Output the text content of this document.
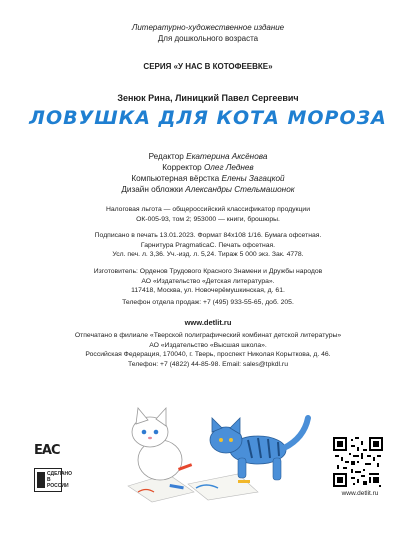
Литературно-художественное издание
Для дошкольного возраста
СЕРИЯ «У НАС В КОТОФЕЕВКЕ»
Зенюк Рина, Линицкий Павел Сергеевич
ЛОВУШКА ДЛЯ КОТА МОРОЗА
Редактор Екатерина Аксёнова
Корректор Олег Леднев
Компьютерная вёрстка Елены Загацкой
Дизайн обложки Александры Стельмашонок
Налоговая льгота — общероссийский классификатор продукции
ОК-005-93, том 2; 953000 — книги, брошюры.
Подписано в печать 13.01.2023. Формат 84х108 1/16. Бумага офсетная.
Гарнитура PragmaticaC. Печать офсетная.
Усл. печ. л. 3,36. Уч.-изд. л. 5,24. Тираж 5 000 экз. Зак. 4778.
Изготовитель: Орденов Трудового Красного Знамени и Дружбы народов
АО «Издательство «Детская литература».
117418, Москва, ул. Новочерёмушкинская, д. 61.
Телефон отдела продаж: +7 (495) 933-55-65, доб. 205.
www.detlit.ru
Отпечатано в филиале «Тверской полиграфический комбинат детской литературы»
АО «Издательство «Высшая школа».
Российская Федерация, 170040, г. Тверь, проспект Николая Корыткова, д. 46.
Телефон: +7 (4822) 44-85-98. Email: sales@tpkdl.ru
EAC
СДЕЛАНО В РОССИИ
www.detlit.ru
